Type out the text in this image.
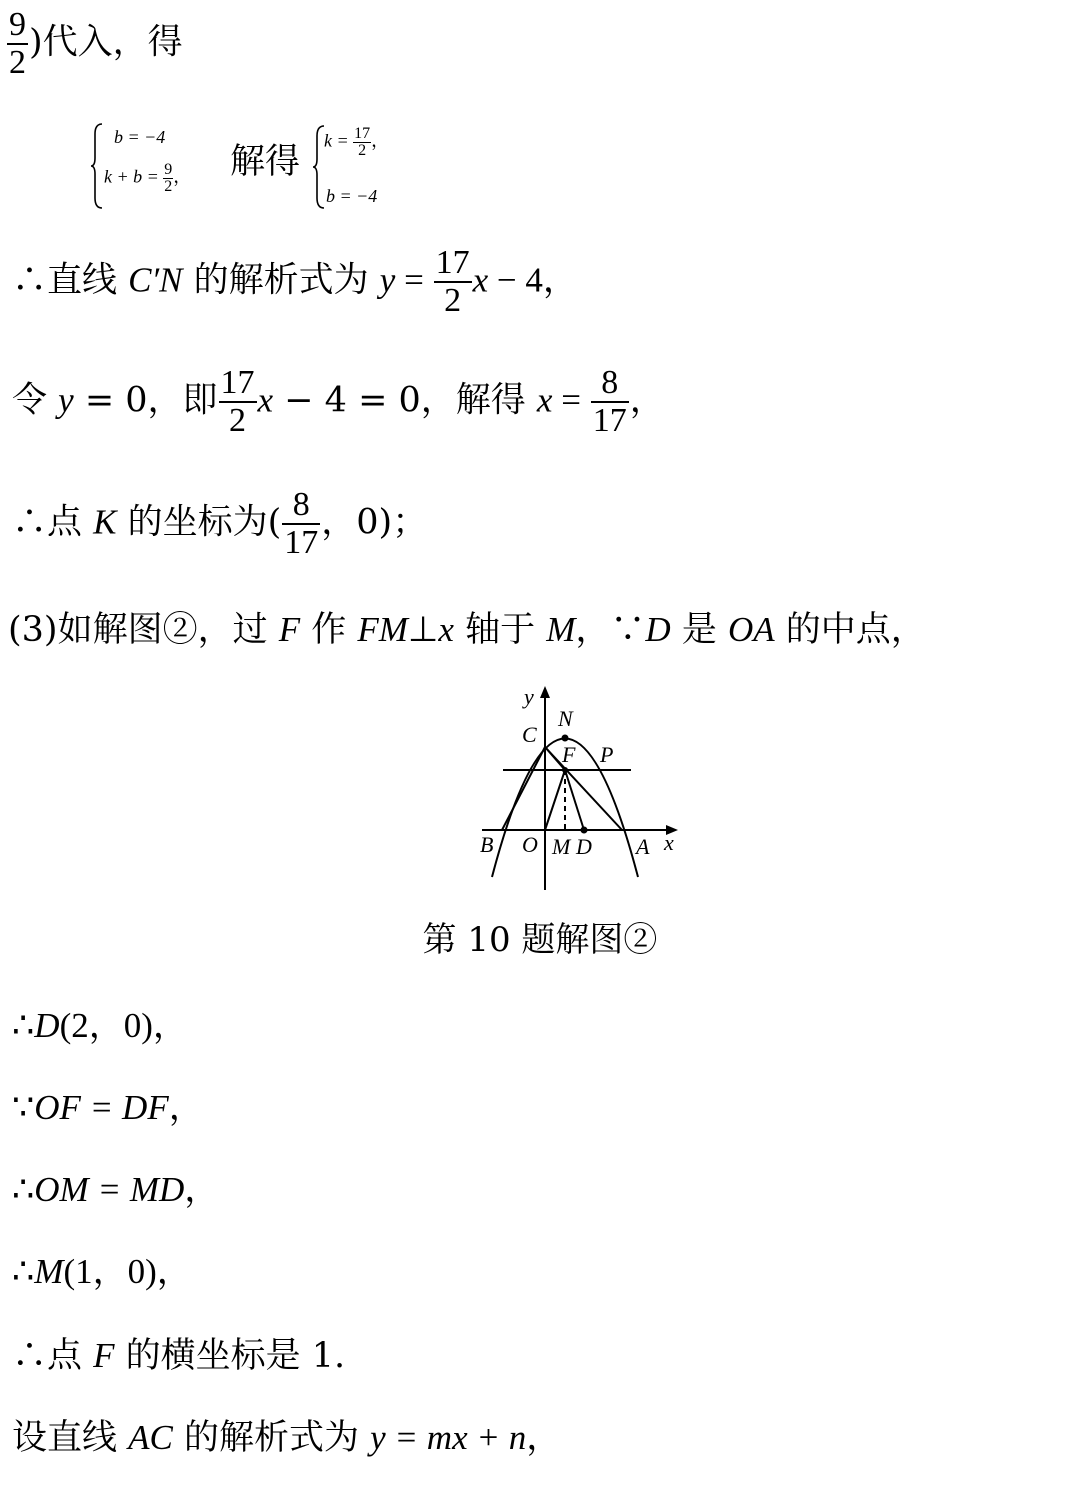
$\frac{9}{2}$ )代入，得
b = −4
$k + b = \frac{9}{2}$ ， 解得
$k = \frac{17}{2}$ ，
b = −4
∴直线 C′N 的解析式为 $y = \frac{17}{2}$ x − 4，
令 y = 0，即 $\frac{17}{2}$ x − 4 = 0，解得 $x = \frac{8}{17}$ ，
∴点 K 的坐标为( $\frac{8}{17}$ ，0)；
(3)如解图②，过 F 作 FM⊥x 轴于 M，∵D 是 OA 的中点，
y
N
C
F P
B O M D A x
第 10 题解图②
∴D(2，0)，
∵OF = DF，
∴OM = MD，
∴M(1，0)，
∴点 F 的横坐标是 1.
设直线 AC 的解析式为 y = mx + n，
